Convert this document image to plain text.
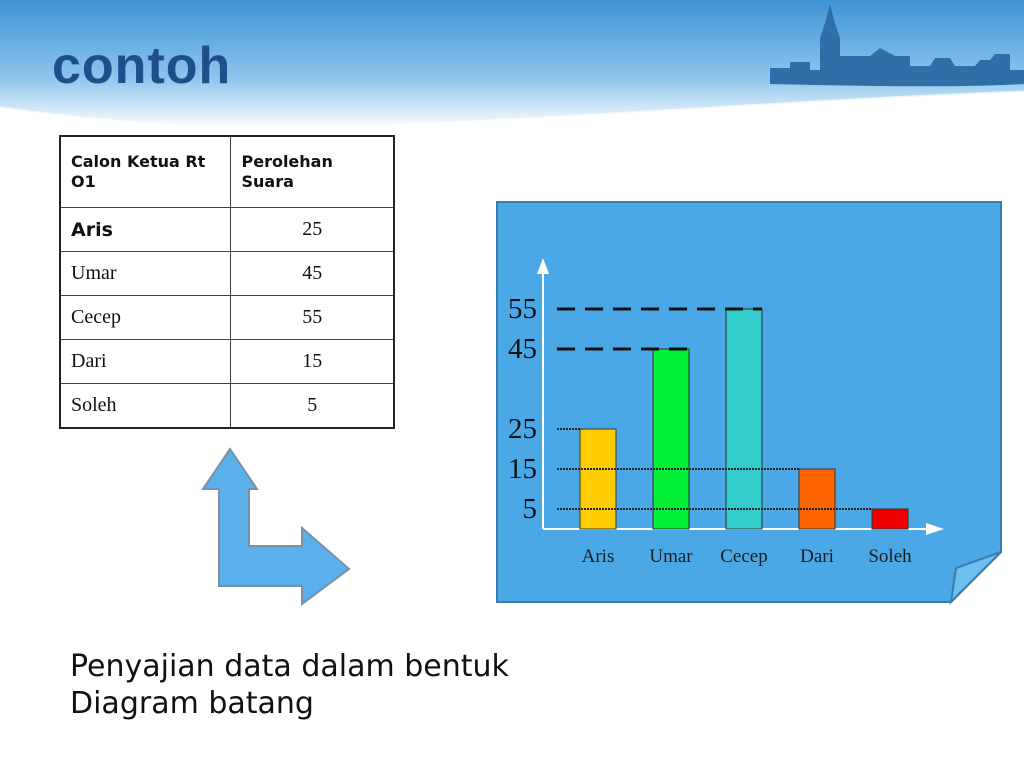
contoh
Calon Ketua Rt O1	Perolehan Suara
Aris	25
Umar	45
Cecep	55
Dari	15
Soleh	5
55
45
25
15
5
Aris Umar Cecep Dari Soleh
Penyajian data dalam bentuk
Diagram batang
